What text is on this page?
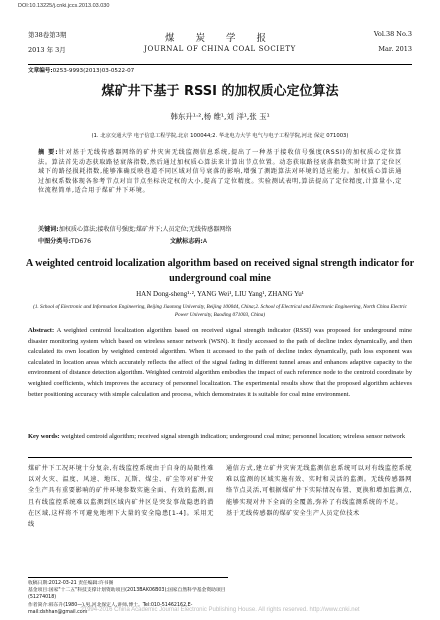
DOI:10.13225/j.cnki.jccs.2013.03.030
第38卷第3期	煤 炭 学 报	Vol.38 No.3
2013 年 3月	JOURNAL OF CHINA COAL SOCIETY	Mar. 2013
文章编号:0253-9993(2013)03-0522-07
煤矿井下基于 RSSI 的加权质心定位算法
韩东升¹·²,杨 维¹,刘 洋¹,张 玉¹
(1. 北京交通大学 电子信息工程学院,北京 100044;2. 华北电力大学 电气与电子工程学院,河北 保定 071003)
摘 要:针对基于无线传感器网络的矿井灾害无线监测信息系统,提出了一种基于接收信号强度(RSSI)的加权质心定位算法。算法首先动态获取路径衰落指数,然后通过加权质心算法来计算出节点位置。动态获取路径衰落指数实时计算了定位区域下的路径损耗指数,能够准确反映巷道不同区域对信号衰落的影响,增强了测距算法对环境的适应能力。加权质心算法通过加权系数体现各参考节点对盲节点坐标决定权的大小,提高了定位精度。实验测试表明,算法提高了定位精度,计算量小,定位流程简单,适合用于煤矿井下环境。
关键词:加权质心算法;接收信号强度;煤矿井下;人员定位;无线传感器网络
中图分类号:TD676	文献标志码:A
A weighted centroid localization algorithm based on received signal strength indicator for underground coal mine
HAN Dong-sheng¹·², YANG Wei¹, LIU Yang¹, ZHANG Yu¹
(1. School of Electronic and Information Engineering, Beijing Jiaotong University, Beijing 100044, China;2. School of Electrical and Electronic Engineering, North China Electric Power University, Baoding 071003, China)
Abstract: A weighted centroid localization algorithm based on received signal strength indicator (RSSI) was proposed for underground mine disaster monitoring system which based on wireless sensor network (WSN). It firstly accessed to the path of decline index dynamically, and then calculated its own location by weighted centroid algorithm. When it accessed to the path of decline index dynamically, path loss exponent was calculated in location areas which accurately reflects the affect of the signal fading in different tunnel areas and enhances adaptive capacity to the environment of distance detection algorithm. Weighted centroid algorithm embodies the impact of each reference node to the centroid coordinate by weighted coefficients, which improves the accuracy of personnel localization. The experimental results show that the proposed algorithm achieves better positioning accuracy with simple calculation and process, which demonstrates it is suitable for coal mine environment.
Key words: weighted centroid algorithm; received signal strength indication; underground coal mine; personnel location; wireless sensor network
煤矿井下工况环境十分复杂,有线监控系统由于自身的局限性难以对火灾、温度、风速、地压、瓦斯、煤尘、矿尘等对矿井安全生产具有重要影响的矿井环境参数实施全面、有效的监测,而且有线监控系统难以监测到区域内矿井区是突发事故隐患的潜在区域,这样将不可避免地埋下大量的安全隐患[1-4]。采用无线
通信方式,建立矿井灾害无线监测信息系统可以对有线监控系统难以监测的区域实施有效、实时和灵活的监测。无线传感器网络节点灵活,可根据煤矿井下实际情况布置、更换和增加监测点,能够实现对井下全面的全覆盖,弥补了有线监测系统的不足。
基于无线传感器的煤矿安全生产人员定位技术
收稿日期:2012-03-21 责任编辑:许书阁
基金项目:国家"十二五"科技支撑计划资助项目(2013BAK06B03);国家自然科学基金资助项目(51274018)
作者简介:韩东升(1980—),男,河北保定人,讲师,博士。Tel:010-51462162,E-mail:dshhan@gmail.com
?1994-2016 China Academic Journal Electronic Publishing House. All rights reserved. http://www.cnki.net
